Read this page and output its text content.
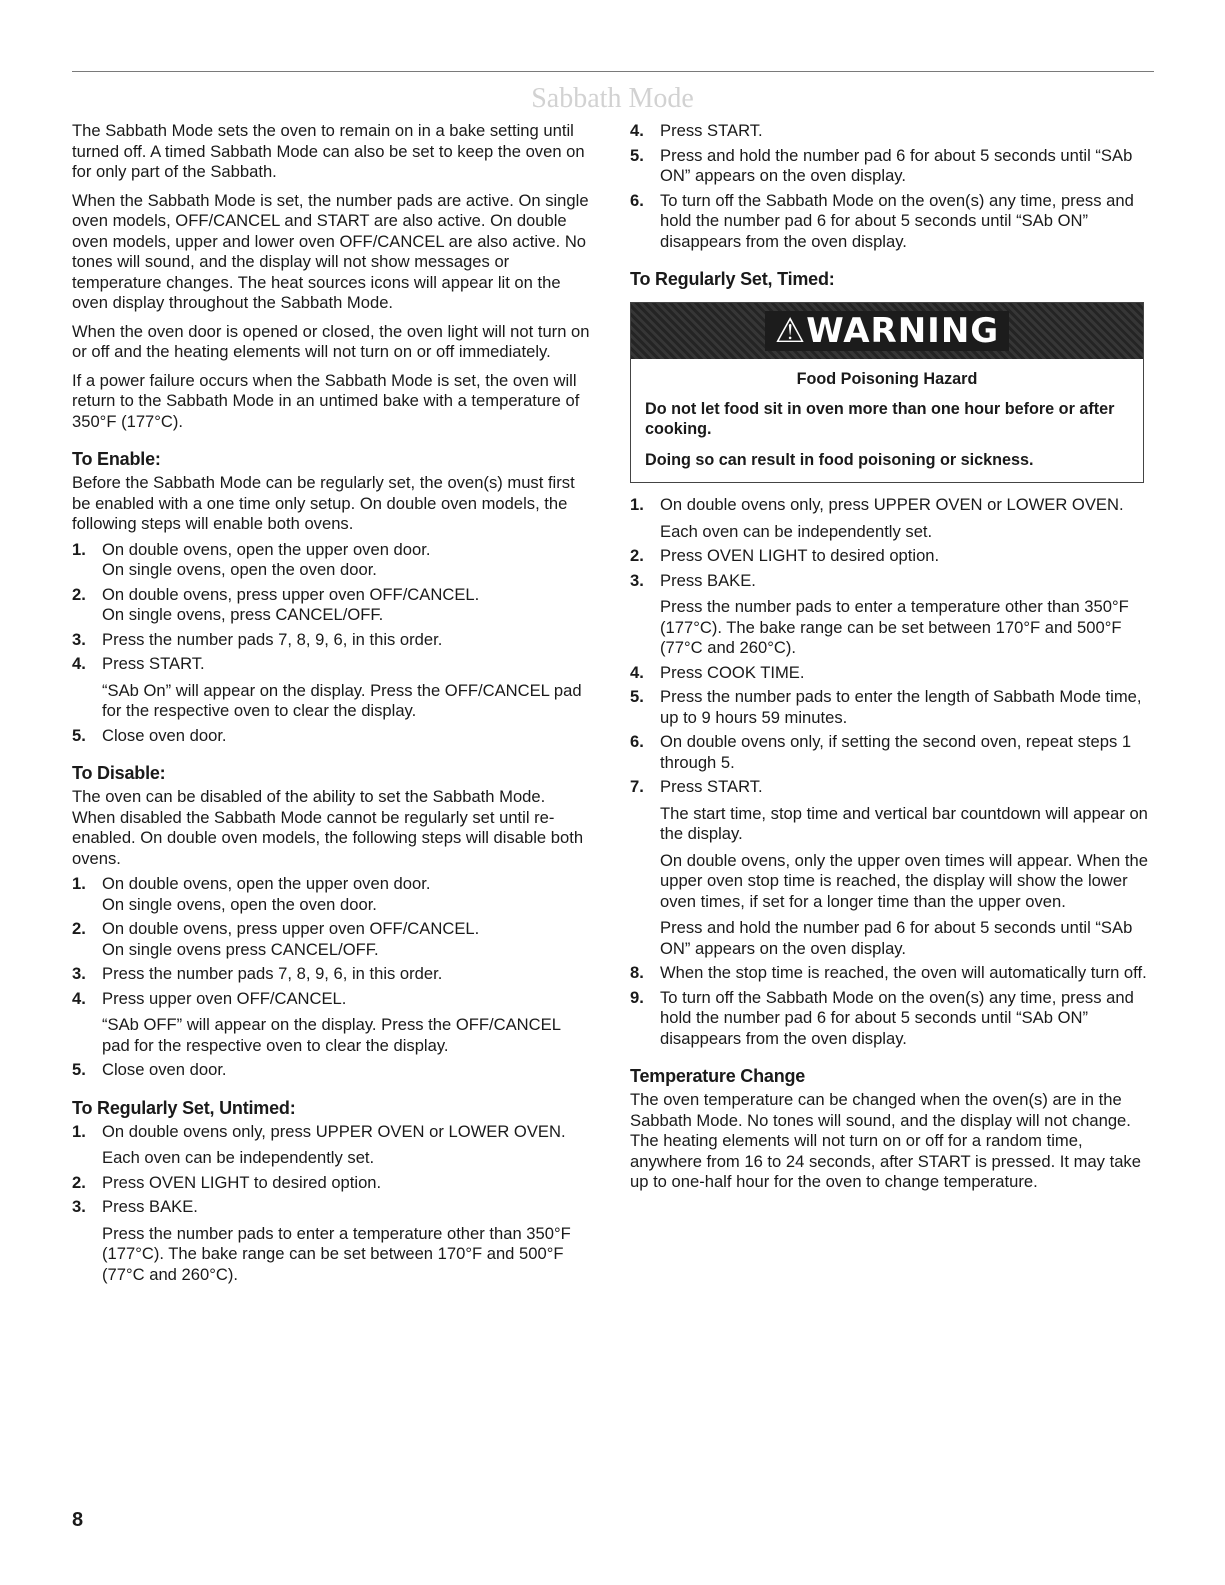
Sabbath Mode

The Sabbath Mode sets the oven to remain on in a bake setting until turned off. A timed Sabbath Mode can also be set to keep the oven on for only part of the Sabbath.

When the Sabbath Mode is set, the number pads are active. On single oven models, OFF/CANCEL and START are also active. On double oven models, upper and lower oven OFF/CANCEL are also active. No tones will sound, and the display will not show messages or temperature changes. The heat sources icons will appear lit on the oven display throughout the Sabbath Mode.

When the oven door is opened or closed, the oven light will not turn on or off and the heating elements will not turn on or off immediately.

If a power failure occurs when the Sabbath Mode is set, the oven will return to the Sabbath Mode in an untimed bake with a temperature of 350°F (177°C).

To Enable:

Before the Sabbath Mode can be regularly set, the oven(s) must first be enabled with a one time only setup. On double oven models, the following steps will enable both ovens.

1. On double ovens, open the upper oven door.
On single ovens, open the oven door.
2. On double ovens, press upper oven OFF/CANCEL.
On single ovens, press CANCEL/OFF.
3. Press the number pads 7, 8, 9, 6, in this order.
4. Press START.
“SAb On” will appear on the display. Press the OFF/CANCEL pad for the respective oven to clear the display.
5. Close oven door.
To Disable:

The oven can be disabled of the ability to set the Sabbath Mode. When disabled the Sabbath Mode cannot be regularly set until re-enabled. On double oven models, the following steps will disable both ovens.

1. On double ovens, open the upper oven door.
On single ovens, open the oven door.
2. On double ovens, press upper oven OFF/CANCEL.
On single ovens press CANCEL/OFF.
3. Press the number pads 7, 8, 9, 6, in this order.
4. Press upper oven OFF/CANCEL.
“SAb OFF” will appear on the display. Press the OFF/CANCEL pad for the respective oven to clear the display.
5. Close oven door.
To Regularly Set, Untimed:
1. On double ovens only, press UPPER OVEN or LOWER OVEN.
Each oven can be independently set.
2. Press OVEN LIGHT to desired option.
3. Press BAKE.
Press the number pads to enter a temperature other than 350°F (177°C). The bake range can be set between 170°F and 500°F (77°C and 260°C).
4. Press START.
5. Press and hold the number pad 6 for about 5 seconds until “SAb ON” appears on the oven display.
6. To turn off the Sabbath Mode on the oven(s) any time, press and hold the number pad 6 for about 5 seconds until “SAb ON” disappears from the oven display.
To Regularly Set, Timed:
⚠WARNING
Food Poisoning Hazard
Do not let food sit in oven more than one hour before or after cooking.
Doing so can result in food poisoning or sickness.
1. On double ovens only, press UPPER OVEN or LOWER OVEN.
Each oven can be independently set.
2. Press OVEN LIGHT to desired option.
3. Press BAKE.
Press the number pads to enter a temperature other than 350°F (177°C). The bake range can be set between 170°F and 500°F (77°C and 260°C).
4. Press COOK TIME.
5. Press the number pads to enter the length of Sabbath Mode time, up to 9 hours 59 minutes.
6. On double ovens only, if setting the second oven, repeat steps 1 through 5.
7. Press START.
The start time, stop time and vertical bar countdown will appear on the display.
On double ovens, only the upper oven times will appear. When the upper oven stop time is reached, the display will show the lower oven times, if set for a longer time than the upper oven.
Press and hold the number pad 6 for about 5 seconds until “SAb ON” appears on the oven display.
8. When the stop time is reached, the oven will automatically turn off.
9. To turn off the Sabbath Mode on the oven(s) any time, press and hold the number pad 6 for about 5 seconds until “SAb ON” disappears from the oven display.
Temperature Change

The oven temperature can be changed when the oven(s) are in the Sabbath Mode. No tones will sound, and the display will not change. The heating elements will not turn on or off for a random time, anywhere from 16 to 24 seconds, after START is pressed. It may take up to one-half hour for the oven to change temperature.

8
